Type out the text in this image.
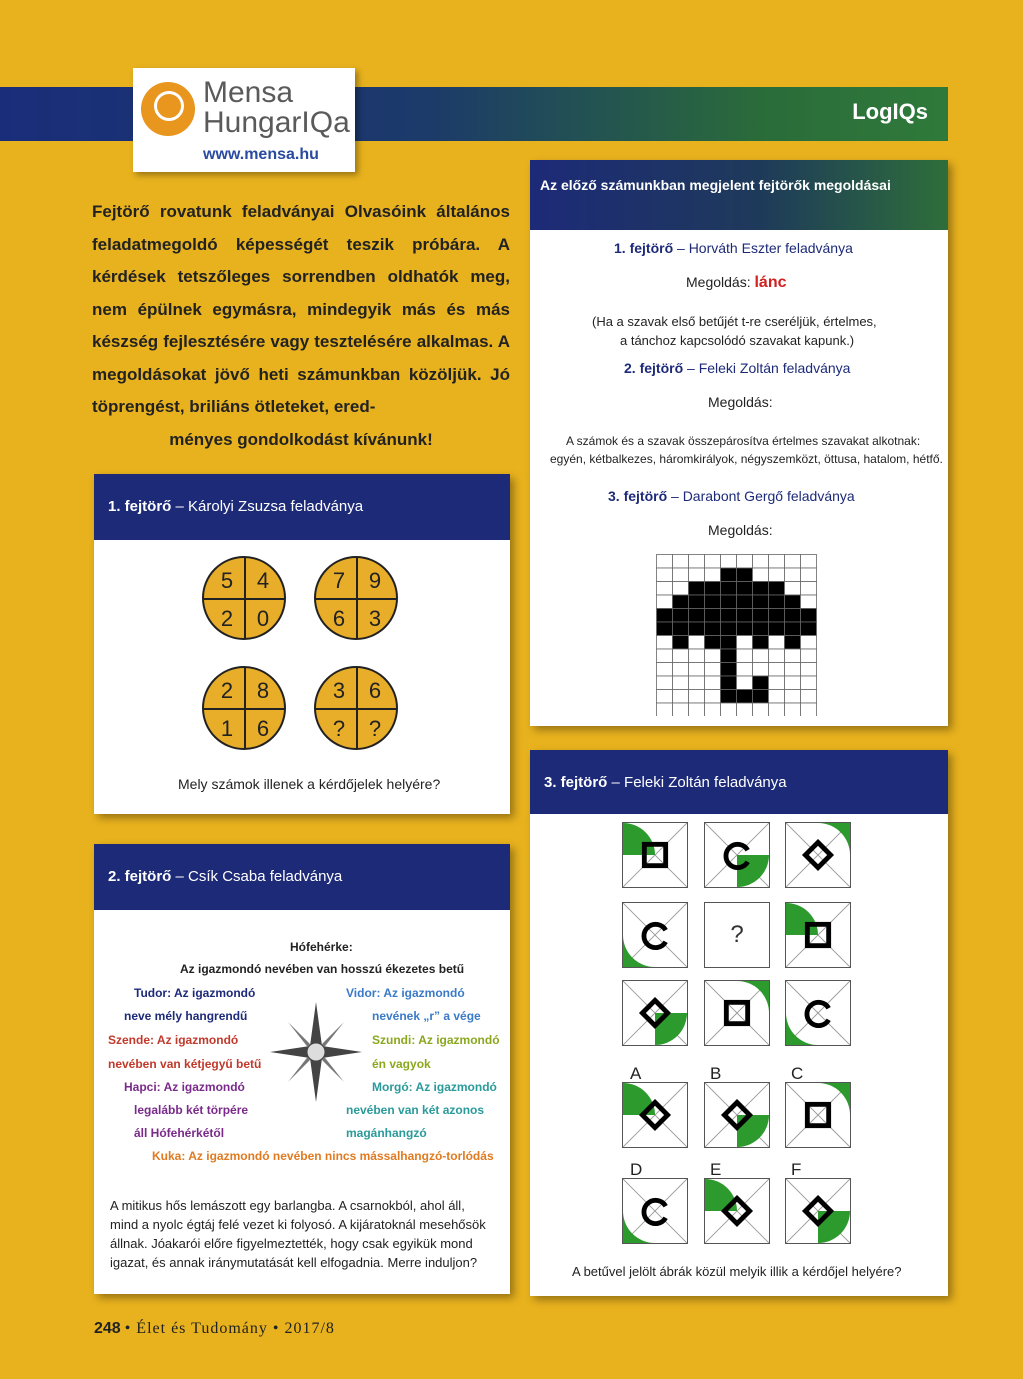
LogIQs
Mensa
HungarIQa
www.mensa.hu
Fejtörő rovatunk feladványai Olvasóink általános feladatmegoldó képességét teszik próbára. A kérdések tetszőleges sorrendben oldhatók meg, nem épülnek egymásra, mindegyik más és más készség fejlesztésére vagy tesztelésére alkalmas. A megoldásokat jövő heti számunkban közöljük. Jó töprengést, briliáns ötleteket, ered-
ményes gondolkodást kívánunk!
1. fejtörő – Károlyi Zsuzsa feladványa
5	4
2	0
7	9
6	3
2	8
1	6
3	6
?	?
Mely számok illenek a kérdőjelek helyére?
2. fejtörő – Csík Csaba feladványa
Hófehérke:
Az igazmondó nevében van hosszú ékezetes betű
Tudor: Az igazmondó
neve mély hangrendű
Szende: Az igazmondó
nevében van kétjegyű betű
Hapci: Az igazmondó
legalább két törpére
áll Hófehérkétől
Vidor: Az igazmondó
nevének „r” a vége
Szundi: Az igazmondó
én vagyok
Morgó: Az igazmondó
nevében van két azonos
magánhangzó
Kuka: Az igazmondó nevében nincs mássalhangzó-torlódás
A mitikus hős lemászott egy barlangba. A csarnokból, ahol áll, mind a nyolc égtáj felé vezet ki folyosó. A kijáratoknál mesehősök állnak. Jóakarói előre figyelmeztették, hogy csak egyikük mond igazat, és annak iránymutatását kell elfogadnia. Merre induljon?
Az előző számunkban megjelent fejtörők megoldásai
1. fejtörő – Horváth Eszter feladványa
Megoldás: lánc
(Ha a szavak első betűjét t-re cseréljük, értelmes,
a tánchoz kapcsolódó szavakat kapunk.)
2. fejtörő – Feleki Zoltán feladványa
Megoldás:
A számok és a szavak összepárosítva értelmes szavakat alkotnak:
egyén, kétbalkezes, háromkirályok, négyszemközt, öttusa, hatalom, hétfő.
3. fejtörő – Darabont Gergő feladványa
Megoldás:
3. fejtörő – Feleki Zoltán feladványa
?
A	B	C
D	E	F
A betűvel jelölt ábrák közül melyik illik a kérdőjel helyére?
248 • Élet és Tudomány • 2017/8
